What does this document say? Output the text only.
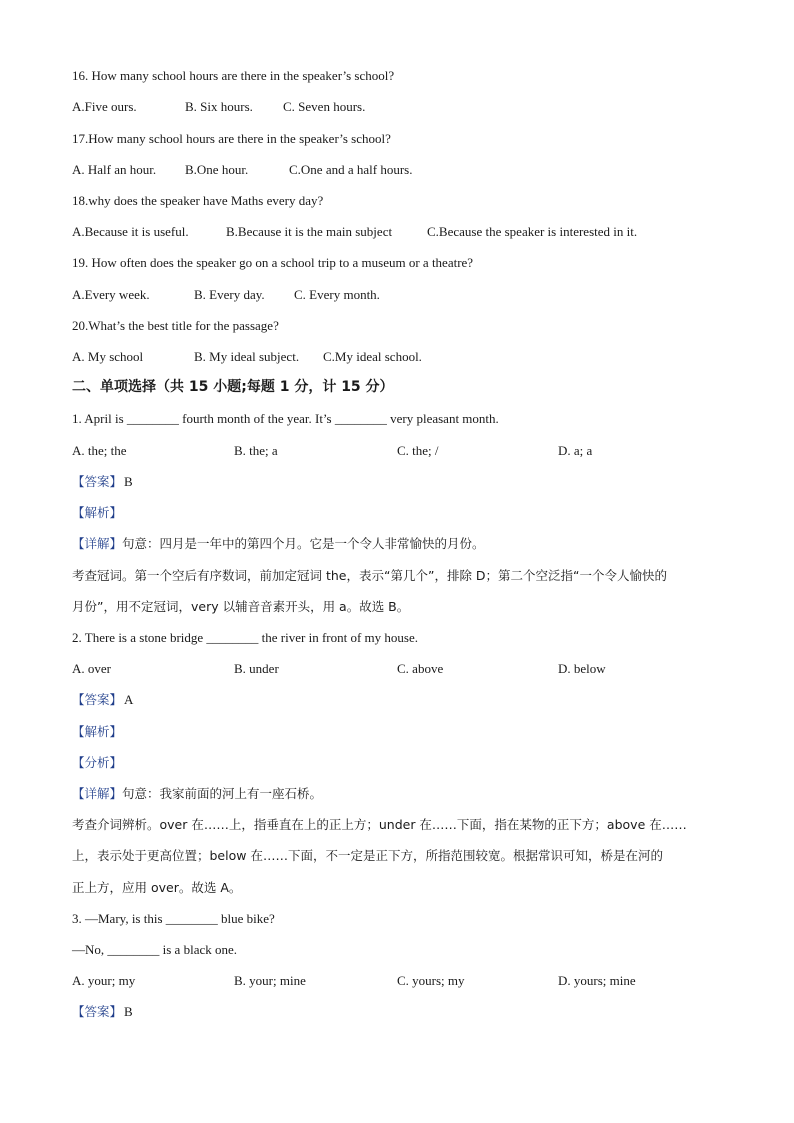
16. How many school hours are there in the speaker’s school?
A.Five ours.	B. Six hours. C. Seven hours.
17.How many school hours are there in the speaker’s school?
A. Half an hour. B.One hour.	C.One and a half hours.
18.why does the speaker have Maths every day?
A.Because it is useful.	B.Because it is the main subject	C.Because the speaker is interested in it.
19. How often does the speaker go on a school trip to a museum or a theatre?
A.Every week.	B. Every day. C. Every month.
20.What’s the best title for the passage?
A. My school	B. My ideal subject. C.My ideal school.
二、单项选择（共 15 小题;每题 1 分，计 15 分）
1. April is ________ fourth month of the year. It’s ________ very pleasant month.
A. the; the	B. the; a	C. the; /	D. a; a
【答案】 B
【解析】
【详解】句意：四月是一年中的第四个月。它是一个令人非常愉快的月份。
考查冠词。第一个空后有序数词，前加定冠词 the，表示“第几个”，排除 D；第二个空泛指“一个令人愉快的
月份”，用不定冠词，very 以辅音音素开头，用 a。故选 B。
2. There is a stone bridge ________ the river in front of my house.
A. over	B. under	C. above	D. below
【答案】 A
【解析】
【分析】
【详解】句意：我家前面的河上有一座石桥。
考查介词辨析。over 在……上，指垂直在上的正上方；under 在……下面，指在某物的正下方；above 在……
上，表示处于更高位置；below 在……下面，不一定是正下方，所指范围较宽。根据常识可知，桥是在河的
正上方，应用 over。故选 A。
3. —Mary, is this ________ blue bike?
—No, ________ is a black one.
A. your; my	B. your; mine	C. yours; my	D. yours; mine
【答案】 B
